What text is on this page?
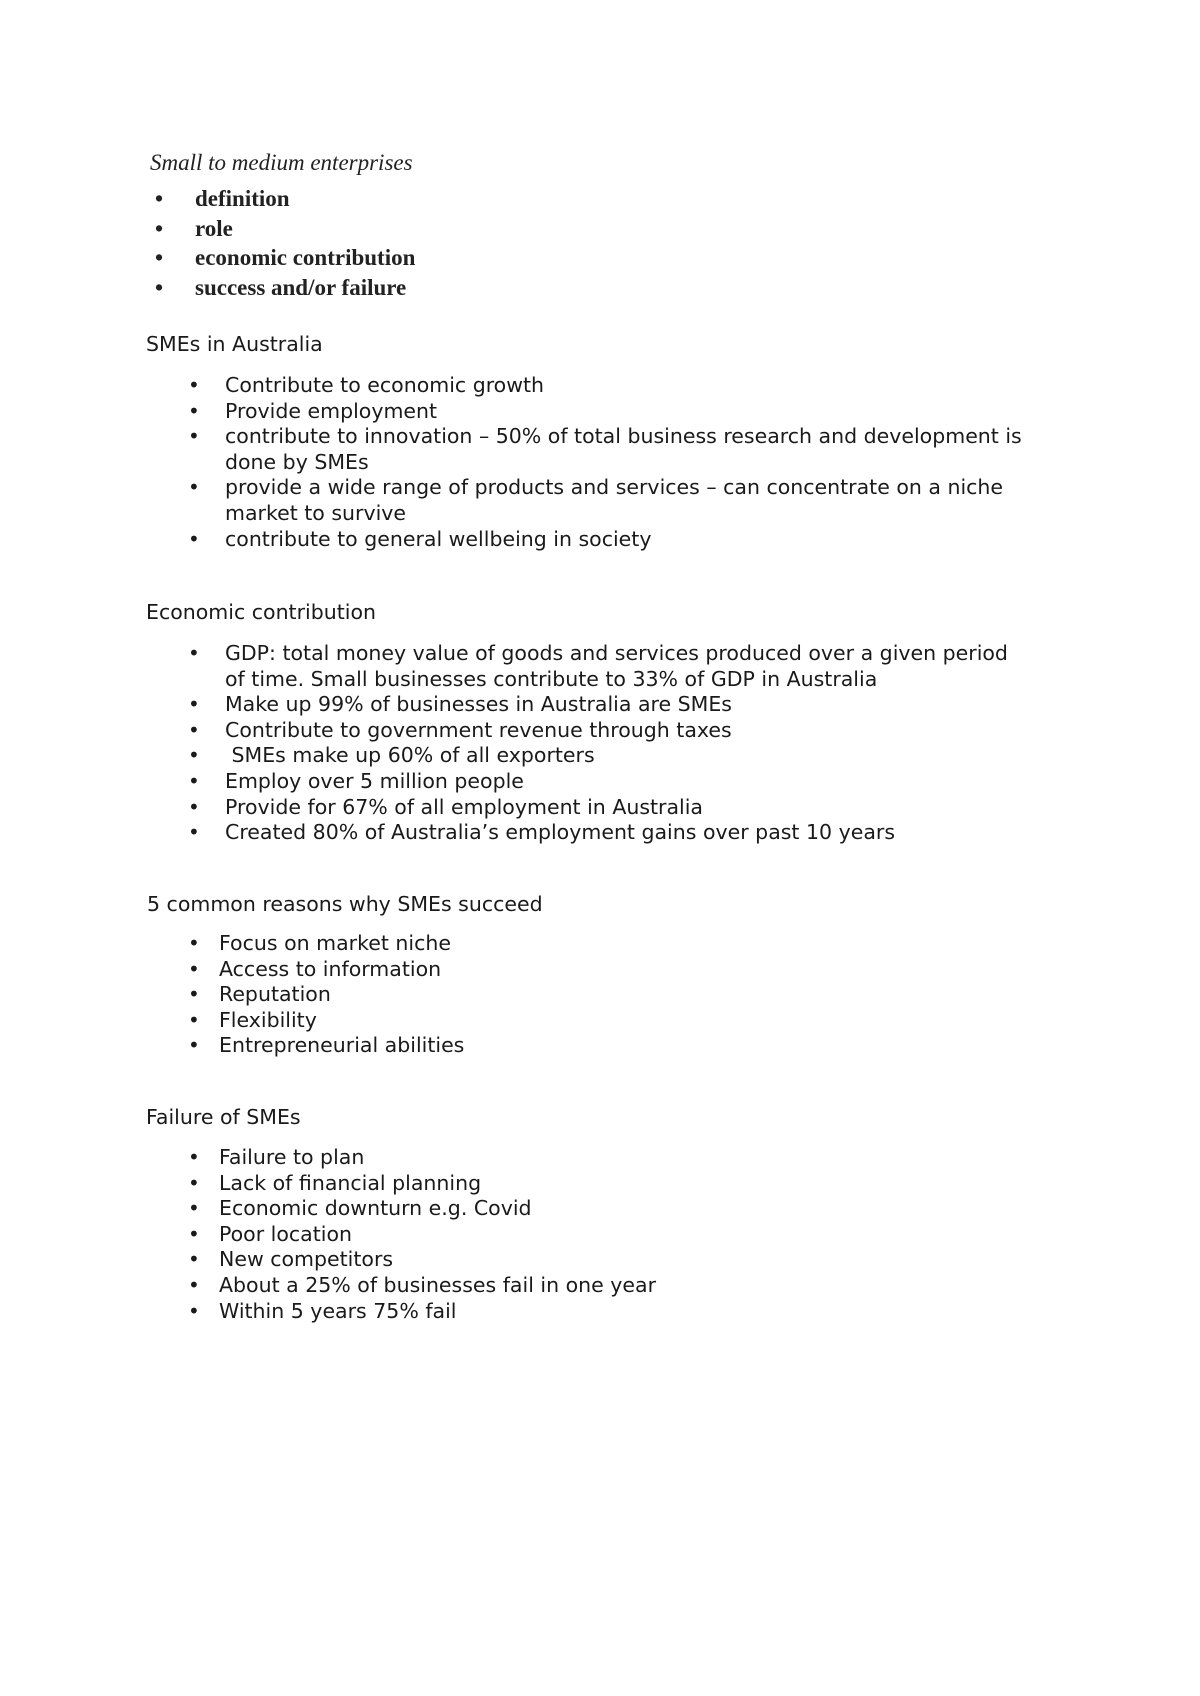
Small to medium enterprises

• definition
• role
• economic contribution
• success and/or failure

SMEs in Australia

• Contribute to economic growth
• Provide employment
• contribute to innovation – 50% of total business research and development is done by SMEs
• provide a wide range of products and services – can concentrate on a niche market to survive
• contribute to general wellbeing in society

Economic contribution

• GDP: total money value of goods and services produced over a given period of time. Small businesses contribute to 33% of GDP in Australia
• Make up 99% of businesses in Australia are SMEs
• Contribute to government revenue through taxes
• SMEs make up 60% of all exporters
• Employ over 5 million people
• Provide for 67% of all employment in Australia
• Created 80% of Australia’s employment gains over past 10 years

5 common reasons why SMEs succeed

• Focus on market niche
• Access to information
• Reputation
• Flexibility
• Entrepreneurial abilities

Failure of SMEs

• Failure to plan
• Lack of financial planning
• Economic downturn e.g. Covid
• Poor location
• New competitors
• About a 25% of businesses fail in one year
• Within 5 years 75% fail
